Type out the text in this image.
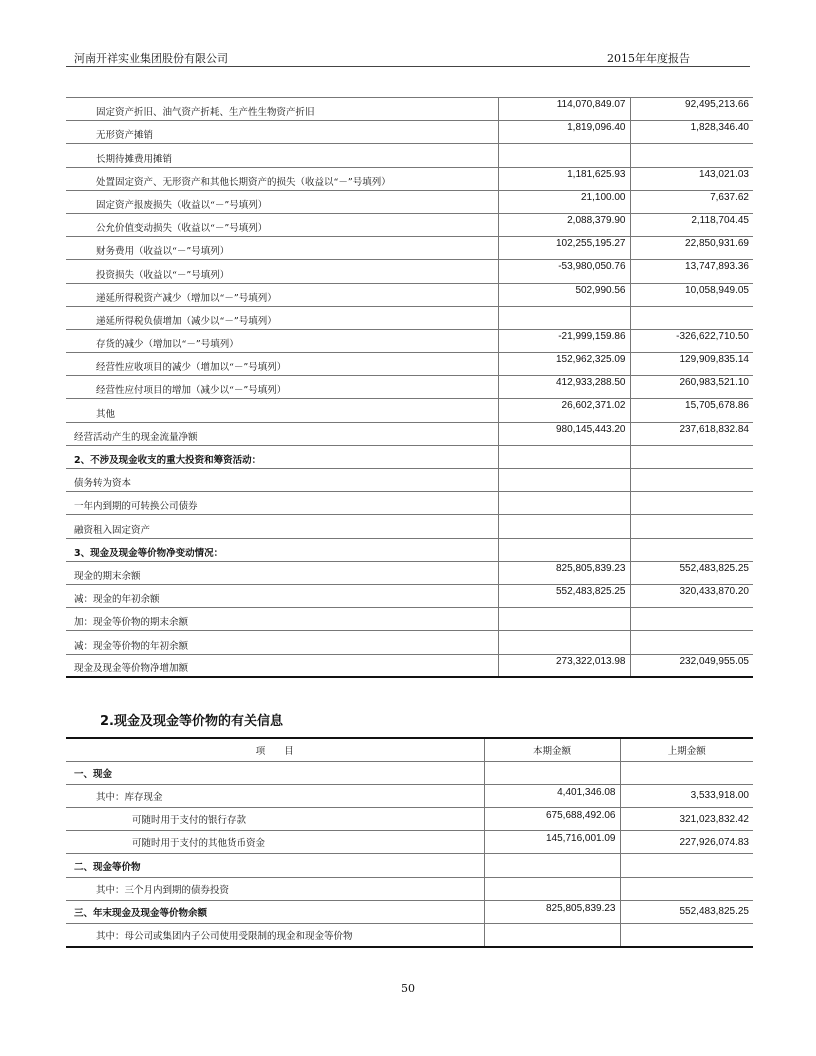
河南开祥实业集团股份有限公司	2015年年度报告
固定资产折旧、油气资产折耗、生产性生物资产折旧	114,070,849.07	92,495,213.66
无形资产摊销	1,819,096.40	1,828,346.40
长期待摊费用摊销		
处置固定资产、无形资产和其他长期资产的损失（收益以“－”号填列）	1,181,625.93	143,021.03
固定资产报废损失（收益以“－”号填列）	21,100.00	7,637.62
公允价值变动损失（收益以“－”号填列）	2,088,379.90	2,118,704.45
财务费用（收益以“－”号填列）	102,255,195.27	22,850,931.69
投资损失（收益以“－”号填列）	-53,980,050.76	13,747,893.36
递延所得税资产减少（增加以“－”号填列）	502,990.56	10,058,949.05
递延所得税负债增加（减少以“－”号填列）		
存货的减少（增加以“－”号填列）	-21,999,159.86	-326,622,710.50
经营性应收项目的减少（增加以“－”号填列）	152,962,325.09	129,909,835.14
经营性应付项目的增加（减少以“－”号填列）	412,933,288.50	260,983,521.10
其他	26,602,371.02	15,705,678.86
经营活动产生的现金流量净额	980,145,443.20	237,618,832.84
2、不涉及现金收支的重大投资和筹资活动：		
债务转为资本		
一年内到期的可转换公司债券		
融资租入固定资产		
3、现金及现金等价物净变动情况：		
现金的期末余额	825,805,839.23	552,483,825.25
减：现金的年初余额	552,483,825.25	320,433,870.20
加：现金等价物的期末余额		
减：现金等价物的年初余额		
现金及现金等价物净增加额	273,322,013.98	232,049,955.05
2.现金及现金等价物的有关信息
项　　目	本期金额	上期金额
一、现金		
其中：库存现金	4,401,346.08	3,533,918.00
可随时用于支付的银行存款	675,688,492.06	321,023,832.42
可随时用于支付的其他货币资金	145,716,001.09	227,926,074.83
二、现金等价物		
其中：三个月内到期的债券投资		
三、年末现金及现金等价物余额	825,805,839.23	552,483,825.25
其中：母公司或集团内子公司使用受限制的现金和现金等价物		
50
